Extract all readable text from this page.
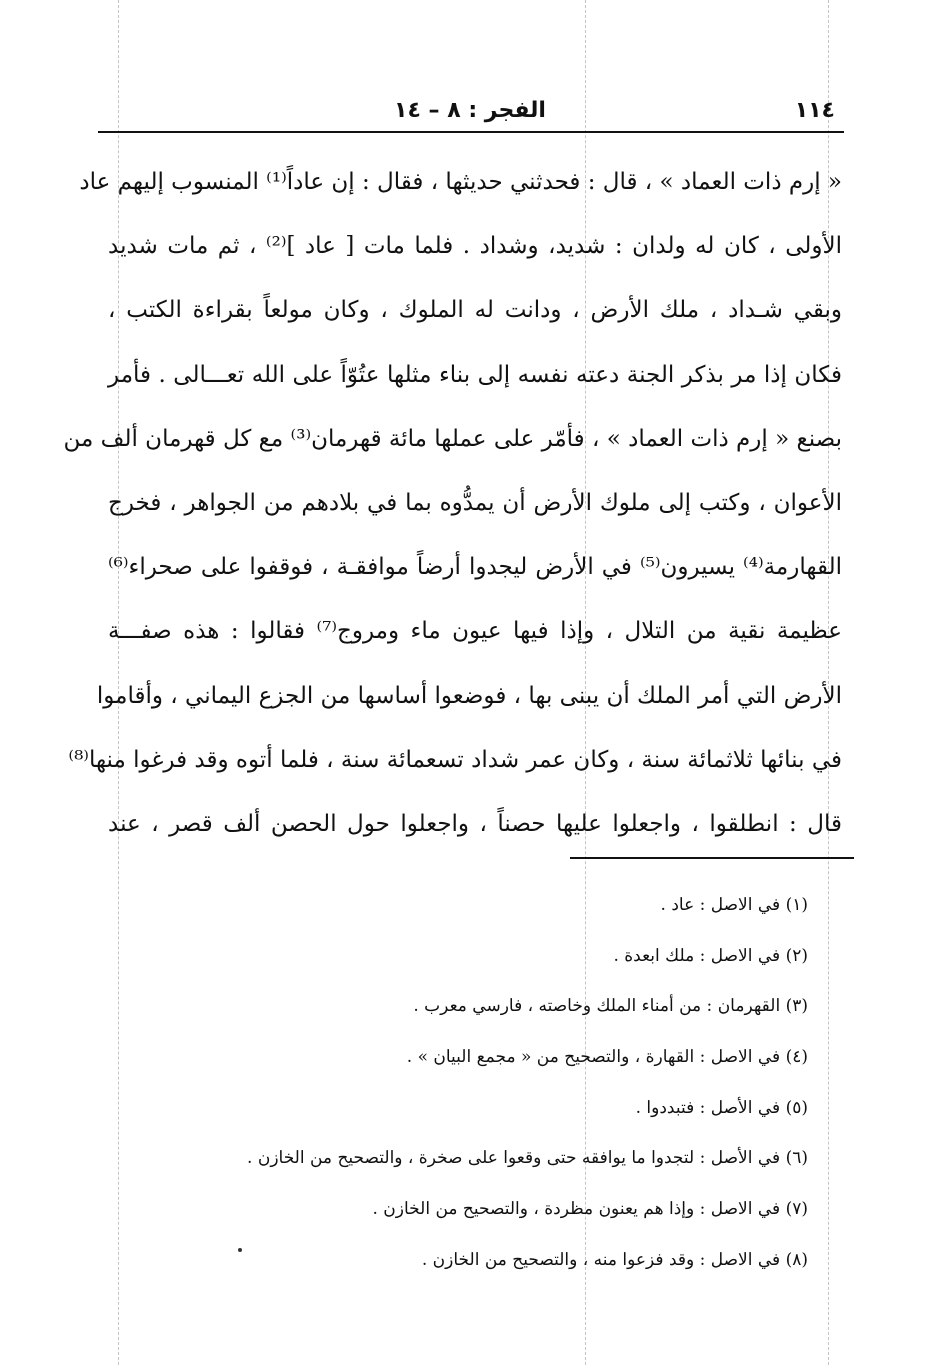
١١٤
الفجر : ٨ – ١٤
« إرم ذات العماد » ، قال : فحدثني حديثها ، فقال : إن عاداً⁽¹⁾ المنسوب إليهم عاد
الأولى ، كان له ولدان : شديد، وشداد . فلما مات [ عاد ]⁽²⁾ ، ثم مات شديد
وبقي شـداد ، ملك الأرض ، ودانت له الملوك ، وكان مولعاً بقراءة الكتب ،
فكان إذا مر بذكر الجنة دعته نفسه إلى بناء مثلها عتُوّاً على الله تعـــالى . فأمر
بصنع « إرم ذات العماد » ، فأمّر على عملها مائة قهرمان⁽³⁾ مع كل قهرمان ألف من
الأعوان ، وكتب إلى ملوك الأرض أن يمدُّوه بما في بلادهم من الجواهر ، فخرج
القهارمة⁽⁴⁾ يسيرون⁽⁵⁾ في الأرض ليجدوا أرضاً موافقـة ، فوقفوا على صحراء⁽⁶⁾
عظيمة نقية من التلال ، وإذا فيها عيون ماء ومروج⁽⁷⁾ فقالوا : هذه صفـــة
الأرض التي أمر الملك أن يبنى بها ، فوضعوا أساسها من الجزع اليماني ، وأقاموا
في بنائها ثلاثمائة سنة ، وكان عمر شداد تسعمائة سنة ، فلما أتوه وقد فرغوا منها⁽⁸⁾
قال : انطلقوا ، واجعلوا عليها حصناً ، واجعلوا حول الحصن ألف قصر ، عند
(١) في الاصل : عاد .
(٢) في الاصل : ملك ابعدة .
(٣) القهرمان : من أمناء الملك وخاصته ، فارسي معرب .
(٤) في الاصل : القهارة ، والتصحيح من « مجمع البيان » .
(٥) في الأصل : فتبددوا .
(٦) في الأصل : لتجدوا ما يوافقه حتى وقعوا على صخرة ، والتصحيح من الخازن .
(٧) في الاصل : وإذا هم يعنون مظردة ، والتصحيح من الخازن .
(٨) في الاصل : وقد فزعوا منه ، والتصحيح من الخازن .
